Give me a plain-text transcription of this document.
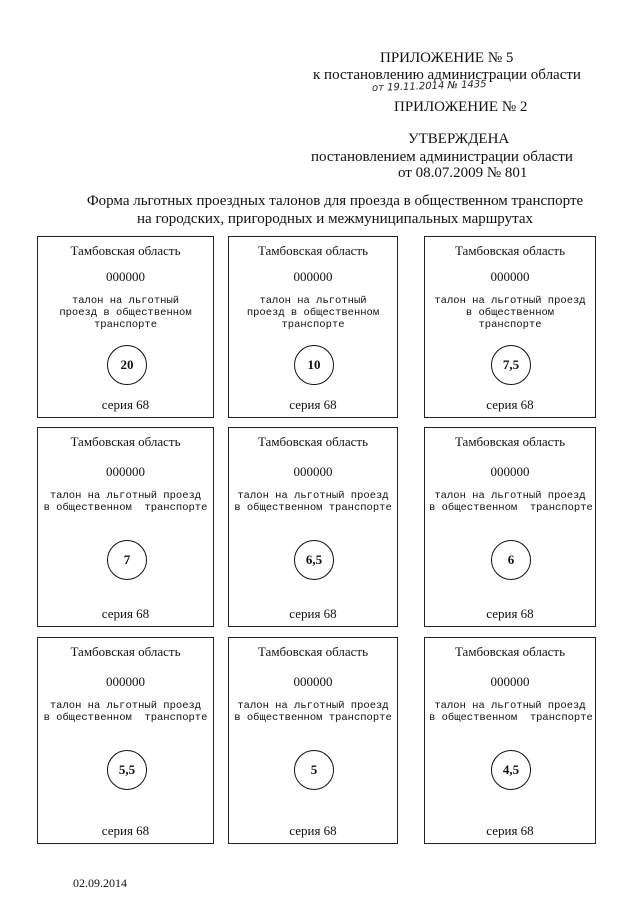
ПРИЛОЖЕНИЕ № 5
к постановлению администрации области
от 19.11.2014 № 1435
ПРИЛОЖЕНИЕ № 2
УТВЕРЖДЕНА
постановлением администрации области
от 08.07.2009 № 801
Форма льготных проездных талонов для проезда в общественном транспорте
на городских, пригородных и межмуниципальных маршрутах
Тамбовская область
000000
талон на льготный
проезд в общественном
транспорте
20
серия 68
Тамбовская область
000000
талон на льготный
проезд в общественном
транспорте
10
серия 68
Тамбовская область
000000
талон на льготный проезд
в общественном
транспорте
7,5
серия 68
Тамбовская область
000000
талон на льготный проезд
в общественном  транспорте
7
серия 68
Тамбовская область
000000
талон на льготный проезд
в общественном транспорте
6,5
серия 68
Тамбовская область
000000
талон на льготный проезд
в общественном  транспорте
6
серия 68
Тамбовская область
000000
талон на льготный проезд
в общественном  транспорте
5,5
серия 68
Тамбовская область
000000
талон на льготный проезд
в общественном транспорте
5
серия 68
Тамбовская область
000000
талон на льготный проезд
в общественном  транспорте
4,5
серия 68
02.09.2014
